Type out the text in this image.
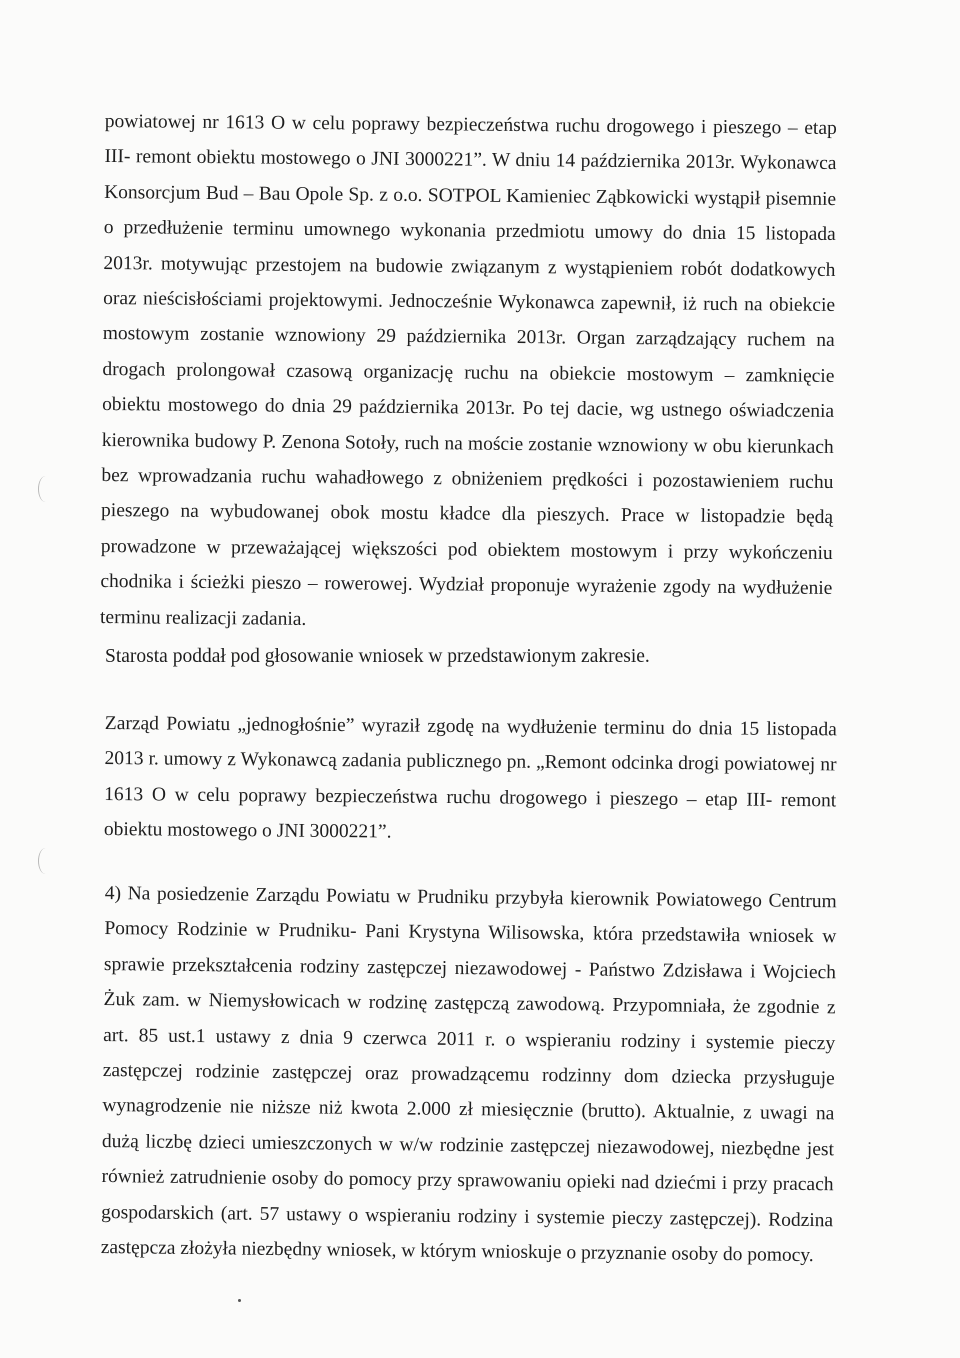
powiatowej nr 1613 O w celu poprawy bezpieczeństwa ruchu drogowego i pieszego – etap III- remont obiektu mostowego o JNI 3000221”. W dniu 14 października 2013r. Wykonawca Konsorcjum Bud – Bau Opole Sp. z o.o. SOTPOL Kamieniec Ząbkowicki wystąpił pisemnie o przedłużenie terminu umownego wykonania przedmiotu umowy do dnia 15 listopada 2013r. motywując przestojem na budowie związanym z wystąpieniem robót dodatkowych oraz nieścisłościami projektowymi. Jednocześnie Wykonawca zapewnił, iż ruch na obiekcie mostowym zostanie wznowiony 29 października 2013r. Organ zarządzający ruchem na drogach prolongował czasową organizację ruchu na obiekcie mostowym – zamknięcie obiektu mostowego do dnia 29 października 2013r. Po tej dacie, wg ustnego oświadczenia kierownika budowy P. Zenona Sotoły, ruch na moście zostanie wznowiony w obu kierunkach bez wprowadzania ruchu wahadłowego z obniżeniem prędkości i pozostawieniem ruchu pieszego na wybudowanej obok mostu kładce dla pieszych. Prace w listopadzie będą prowadzone w przeważającej większości pod obiektem mostowym i przy wykończeniu chodnika i ścieżki pieszo – rowerowej. Wydział proponuje wyrażenie zgody na wydłużenie terminu realizacji zadania.

Starosta poddał pod głosowanie wniosek w przedstawionym zakresie.

Zarząd Powiatu „jednogłośnie” wyraził zgodę na wydłużenie terminu do dnia 15 listopada 2013 r. umowy z Wykonawcą zadania publicznego pn. „Remont odcinka drogi powiatowej nr 1613 O w celu poprawy bezpieczeństwa ruchu drogowego i pieszego – etap III- remont obiektu mostowego o JNI 3000221”.

4) Na posiedzenie Zarządu Powiatu w Prudniku przybyła kierownik Powiatowego Centrum Pomocy Rodzinie w Prudniku- Pani Krystyna Wilisowska, która przedstawiła wniosek w sprawie przekształcenia rodziny zastępczej niezawodowej - Państwo Zdzisława i Wojciech Żuk zam. w Niemysłowicach w rodzinę zastępczą zawodową. Przypomniała, że zgodnie z art. 85 ust.1 ustawy z dnia 9 czerwca 2011 r. o wspieraniu rodziny i systemie pieczy zastępczej rodzinie zastępczej oraz prowadzącemu rodzinny dom dziecka przysługuje wynagrodzenie nie niższe niż kwota 2.000 zł miesięcznie (brutto). Aktualnie, z uwagi na dużą liczbę dzieci umieszczonych w w/w rodzinie zastępczej niezawodowej, niezbędne jest również zatrudnienie osoby do pomocy przy sprawowaniu opieki nad dziećmi i przy pracach gospodarskich (art. 57 ustawy o wspieraniu rodziny i systemie pieczy zastępczej). Rodzina zastępcza złożyła niezbędny wniosek, w którym wnioskuje o przyznanie osoby do pomocy.
